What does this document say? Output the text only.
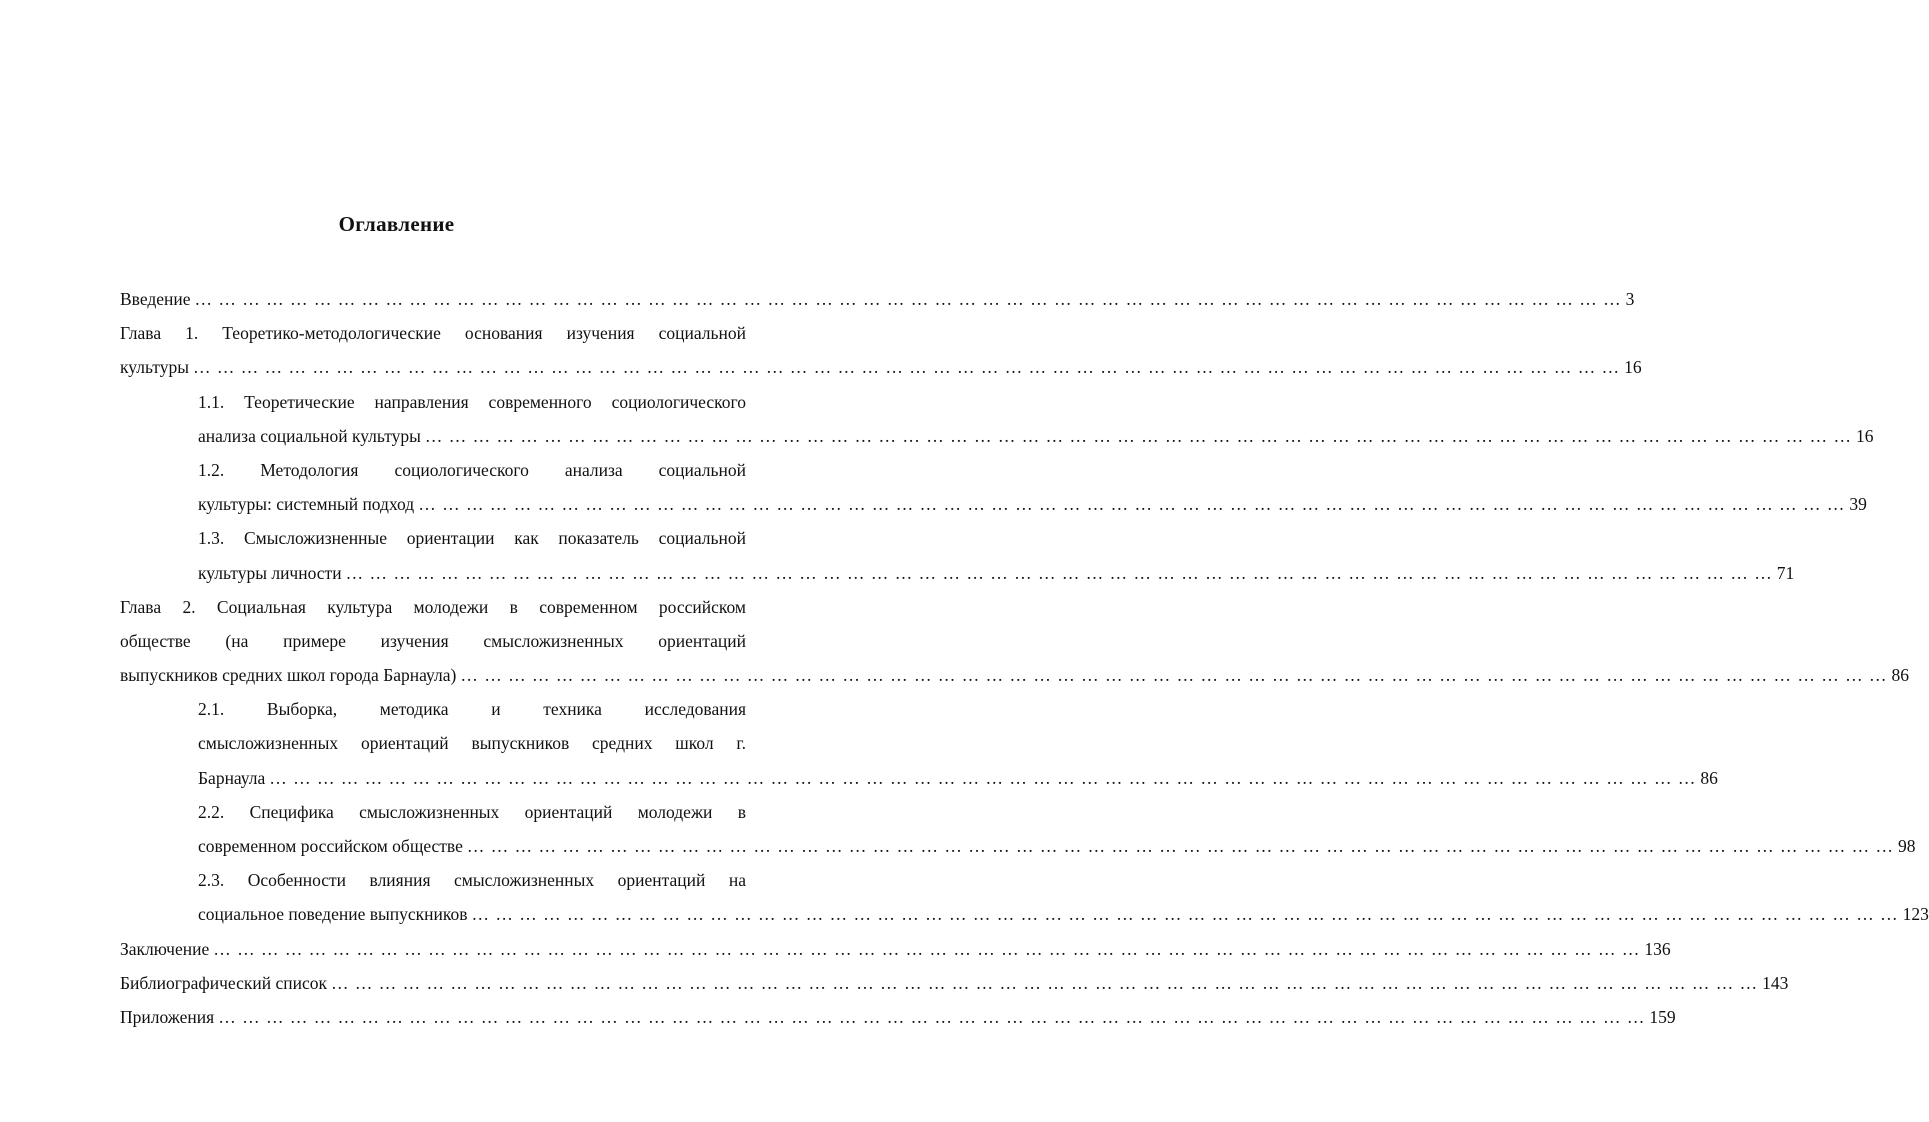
Оглавление
Введение … … … … … … … … … … … … … … … … … … … … … … … … … … … … … … … … … … … … … … … … … … … … … … … … … … … … … … … … … … … … 3
Глава 1. Теоретико-методологические основания изучения социальной
культуры … … … … … … … … … … … … … … … … … … … … … … … … … … … … … … … … … … … … … … … … … … … … … … … … … … … … … … … … … … … … 16
1.1. Теоретические направления современного социологического
анализа социальной культуры … … … … … … … … … … … … … … … … … … … … … … … … … … … … … … … … … … … … … … … … … … … … … … … … … … … … … … … … … … … … 16
1.2. Методология социологического анализа социальной
культуры: системный подход … … … … … … … … … … … … … … … … … … … … … … … … … … … … … … … … … … … … … … … … … … … … … … … … … … … … … … … … … … … … 39
1.3. Смысложизненные ориентации как показатель социальной
культуры личности … … … … … … … … … … … … … … … … … … … … … … … … … … … … … … … … … … … … … … … … … … … … … … … … … … … … … … … … … … … … 71
Глава 2. Социальная культура молодежи в современном российском
обществе (на примере изучения смысложизненных ориентаций
выпускников средних школ города Барнаула) … … … … … … … … … … … … … … … … … … … … … … … … … … … … … … … … … … … … … … … … … … … … … … … … … … … … … … … … … … … … 86
2.1. Выборка, методика и техника исследования
смысложизненных ориентаций выпускников средних школ г.
Барнаула … … … … … … … … … … … … … … … … … … … … … … … … … … … … … … … … … … … … … … … … … … … … … … … … … … … … … … … … … … … … 86
2.2. Специфика смысложизненных ориентаций молодежи в
современном российском обществе … … … … … … … … … … … … … … … … … … … … … … … … … … … … … … … … … … … … … … … … … … … … … … … … … … … … … … … … … … … … 98
2.3. Особенности влияния смысложизненных ориентаций на
социальное поведение выпускников … … … … … … … … … … … … … … … … … … … … … … … … … … … … … … … … … … … … … … … … … … … … … … … … … … … … … … … … … … … … 123
Заключение … … … … … … … … … … … … … … … … … … … … … … … … … … … … … … … … … … … … … … … … … … … … … … … … … … … … … … … … … … … … 136
Библиографический список … … … … … … … … … … … … … … … … … … … … … … … … … … … … … … … … … … … … … … … … … … … … … … … … … … … … … … … … … … … … 143
Приложения … … … … … … … … … … … … … … … … … … … … … … … … … … … … … … … … … … … … … … … … … … … … … … … … … … … … … … … … … … … … 159
